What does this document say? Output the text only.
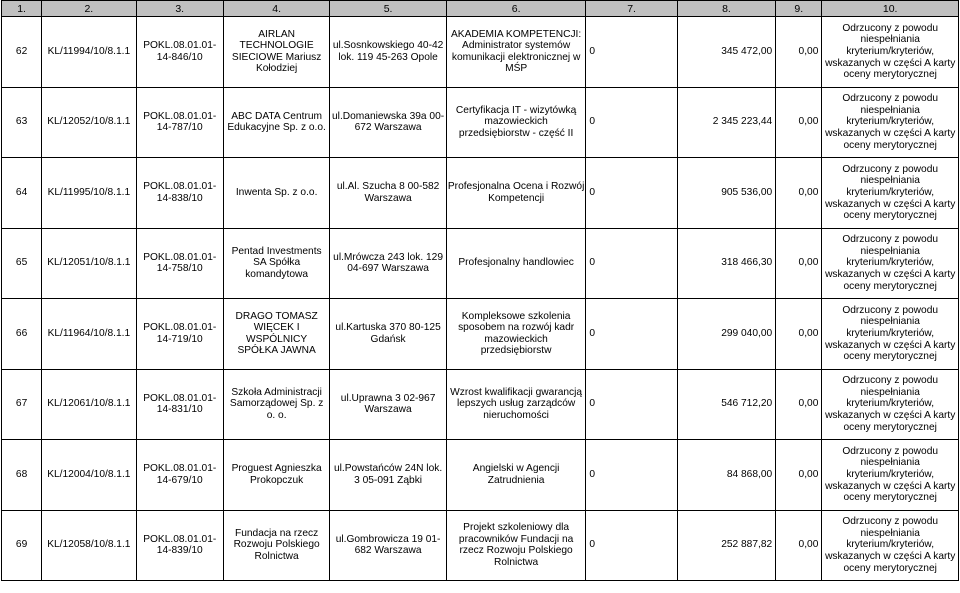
1.	2.	3.	4.	5.	6.	7.	8.	9.	10.
62	KL/11994/10/8.1.1	POKL.08.01.01-14-846/10	AIRLAN TECHNOLOGIE SIECIOWE Mariusz Kołodziej	ul.Sosnkowskiego 40-42 lok. 119 45-263 Opole	AKADEMIA KOMPETENCJI: Administrator systemów komunikacji elektronicznej w MŚP	0	345 472,00	0,00	Odrzucony z powodu niespełniania kryterium/kryteriów, wskazanych w części A karty oceny merytorycznej
63	KL/12052/10/8.1.1	POKL.08.01.01-14-787/10	ABC DATA Centrum Edukacyjne Sp. z o.o.	ul.Domaniewska 39a 00-672 Warszawa	Certyfikacja IT - wizytówką mazowieckich przedsiębiorstw - część II	0	2 345 223,44	0,00	Odrzucony z powodu niespełniania kryterium/kryteriów, wskazanych w części A karty oceny merytorycznej
64	KL/11995/10/8.1.1	POKL.08.01.01-14-838/10	Inwenta Sp. z o.o.	ul.Al. Szucha 8 00-582 Warszawa	Profesjonalna Ocena i Rozwój Kompetencji	0	905 536,00	0,00	Odrzucony z powodu niespełniania kryterium/kryteriów, wskazanych w części A karty oceny merytorycznej
65	KL/12051/10/8.1.1	POKL.08.01.01-14-758/10	Pentad Investments SA Spółka komandytowa	ul.Mrówcza 243 lok. 129 04-697 Warszawa	Profesjonalny handlowiec	0	318 466,30	0,00	Odrzucony z powodu niespełniania kryterium/kryteriów, wskazanych w części A karty oceny merytorycznej
66	KL/11964/10/8.1.1	POKL.08.01.01-14-719/10	DRAGO TOMASZ WIĘCEK I WSPÓLNICY SPÓŁKA JAWNA	ul.Kartuska 370 80-125 Gdańsk	Kompleksowe szkolenia sposobem na rozwój kadr mazowieckich przedsiębiorstw	0	299 040,00	0,00	Odrzucony z powodu niespełniania kryterium/kryteriów, wskazanych w części A karty oceny merytorycznej
67	KL/12061/10/8.1.1	POKL.08.01.01-14-831/10	Szkoła Administracji Samorządowej Sp. z o. o.	ul.Uprawna 3 02-967 Warszawa	Wzrost kwalifikacji gwarancją lepszych usług zarządców nieruchomości	0	546 712,20	0,00	Odrzucony z powodu niespełniania kryterium/kryteriów, wskazanych w części A karty oceny merytorycznej
68	KL/12004/10/8.1.1	POKL.08.01.01-14-679/10	Proguest Agnieszka Prokopczuk	ul.Powstańców 24N lok. 3 05-091 Ząbki	Angielski w Agencji Zatrudnienia	0	84 868,00	0,00	Odrzucony z powodu niespełniania kryterium/kryteriów, wskazanych w części A karty oceny merytorycznej
69	KL/12058/10/8.1.1	POKL.08.01.01-14-839/10	Fundacja na rzecz Rozwoju Polskiego Rolnictwa	ul.Gombrowicza 19 01-682 Warszawa	Projekt szkoleniowy dla pracowników Fundacji na rzecz Rozwoju Polskiego Rolnictwa	0	252 887,82	0,00	Odrzucony z powodu niespełniania kryterium/kryteriów, wskazanych w części A karty oceny merytorycznej
